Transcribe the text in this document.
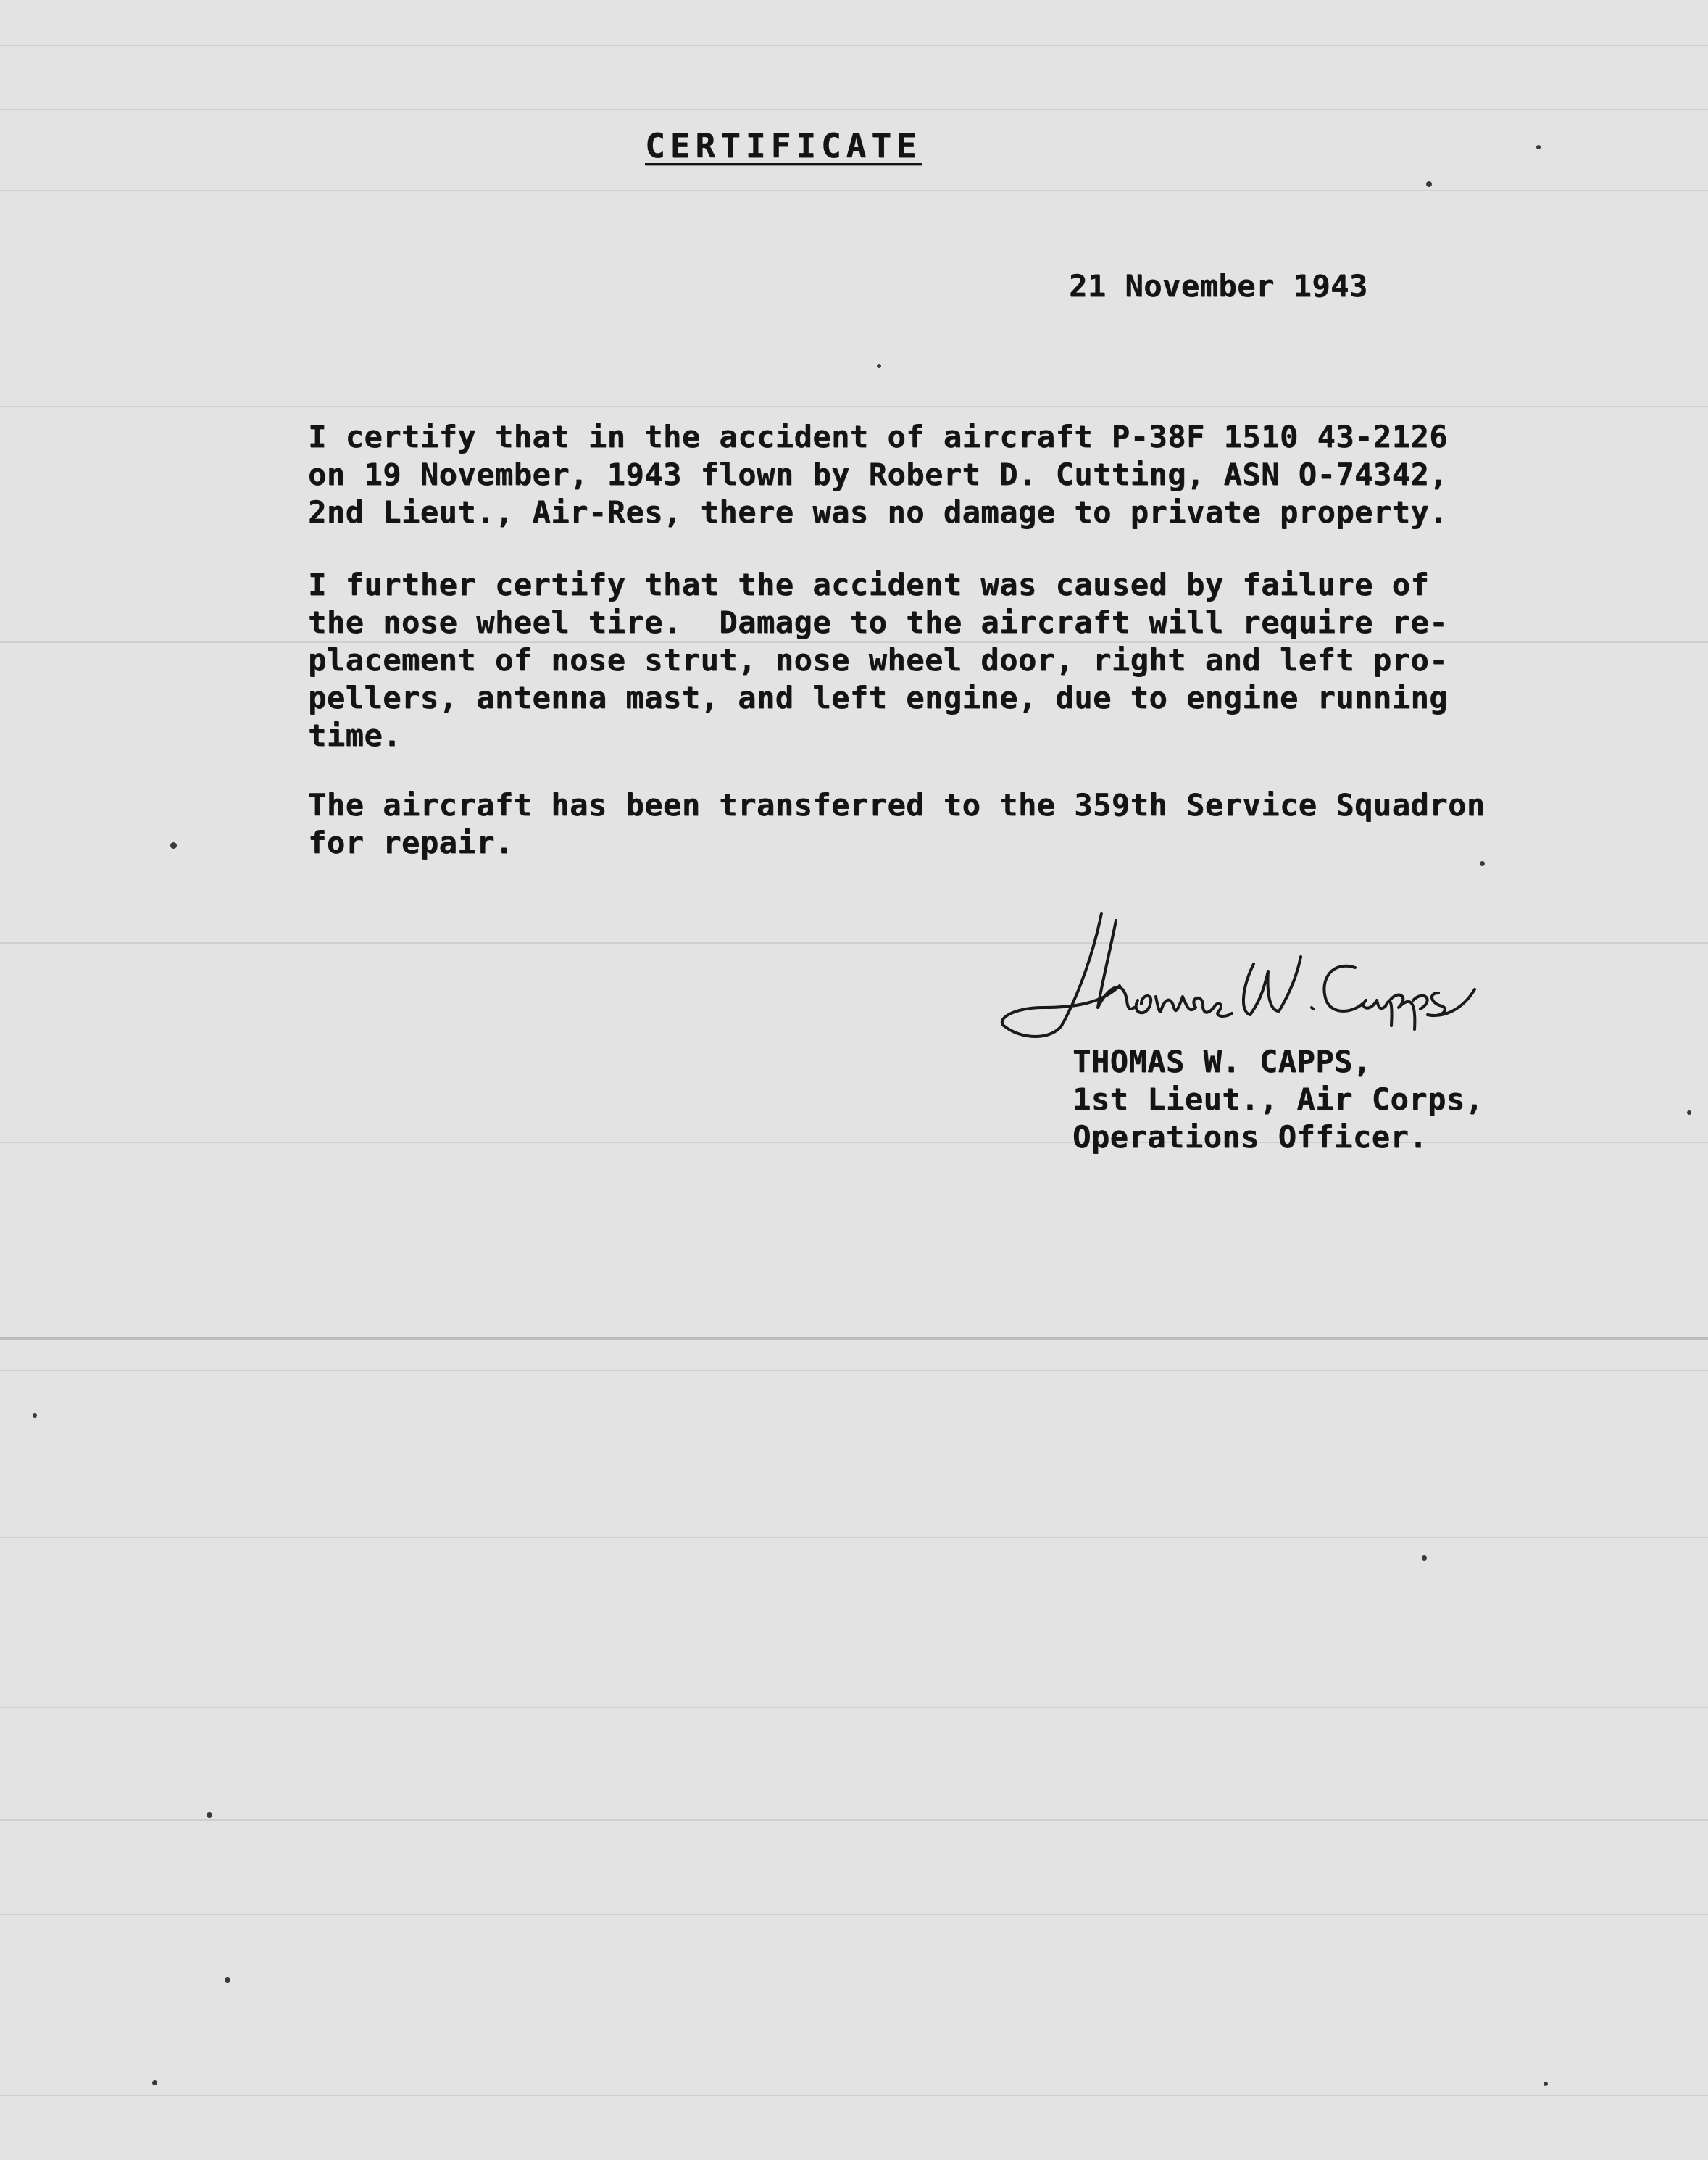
CERTIFICATE
21 November 1943
I certify that in the accident of aircraft P-38F 1510 43-2126
on 19 November, 1943 flown by Robert D. Cutting, ASN O-74342,
2nd Lieut., Air-Res, there was no damage to private property.
I further certify that the accident was caused by failure of
the nose wheel tire.  Damage to the aircraft will require re-
placement of nose strut, nose wheel door, right and left pro-
pellers, antenna mast, and left engine, due to engine running
time.
The aircraft has been transferred to the 359th Service Squadron
for repair.
THOMAS W. CAPPS,
1st Lieut., Air Corps,
Operations Officer.
